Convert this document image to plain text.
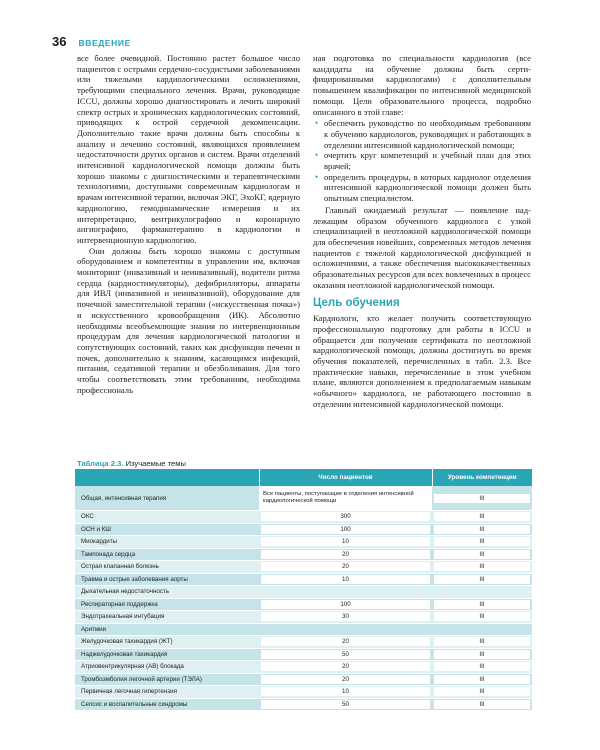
36 ВВЕДЕНИЕ

все более очевидной. Постоянно растет большое число пациентов с острыми сердечно-сосудистыми заболеваниями или тяжелыми кардиологическими осложнениями, требующими специального лечения. Врачи, руководящие ICCU, должны хорошо диагностировать и лечить широкий спектр острых и хронических кардиологических состояний, приводящих к острой сердечной декомпенсации. Дополнительно такие врачи должны быть способны к анализу и лечению состояний, являющихся проявлением недостаточности других органов и систем. Врачи отделений интенсивной кардиологической помощи должны быть хорошо знакомы с диагностическими и терапевтическими технологиями, доступными современным кардиологам и врачам интенсивной терапии, включая ЭКГ, ЭхоКГ, ядерную кардиологию, гемодинамические измерения и их интерпретацию, вентрикулографию и коронарную ангиографию, фармакотерапию в кардиологии и интервенционную кардиологию.

Они должны быть хорошо знакомы с доступным оборудованием и компетентны в управлении им, включая мониторинг (инвазивный и неинвазивный), водители ритма сердца (кардиостимуляторы), дефибрилляторы, аппараты для ИВЛ (инвазивной и неинвазивной), оборудование для почечной заместительной терапии («искусственная почка») и искусственного кровообращения (ИК). Абсолютно необходимы всеобъемлющие знания по интервенционным процедурам для лечения кардиологической патологии и сопутствующих состояний, таких как дисфункция печени и почек, дополнительно к знаниям, касающимся инфекций, питания, седативной терапии и обезболивания. Для того чтобы соответствовать этим требованиям, необходима профессиональ

ная подготовка по специальности кардиология (все кандидаты на обучение должны быть сертифицированными кардиологами) с дополнительным повышением квалификации по интенсивной медицинской помощи. Цели образовательного процесса, подробно описанного в этой главе:

• обеспечить руководство по необходимым требованиям к обучению кардиологов, руководящих и работающих в отделении интенсивной кардиологической помощи;
• очертить круг компетенций и учебный план для этих врачей;
• определить процедуры, в которых кардиолог отделения интенсивной кардиологической помощи должен быть опытным специалистом.

Главный ожидаемый результат — появление надлежащим образом обученного кардиолога с узкой специализацией в неотложной кардиологической помощи для обеспечения новейших, современных методов лечения пациентов с тяжелой кардиологической дисфункцией и осложнениями, а также обеспечения высококачественных образовательных ресурсов для всех вовлеченных в процесс оказания неотложной кардиологической помощи.

Цель обучения

Кардиологи, кто желает получить соответствующую профессиональную подготовку для работы в ICCU и обращается для получения сертификата по неотложной кардиологической помощи, должны достигнуть во время обучения показателей, перечисленных в табл. 2.3. Все практические навыки, перечисленные в этом учебном плане, являются дополнением к предполагаемым навыкам «обычного» кардиолога, не работающего постоянно в отделении интенсивной кардиологической помощи.

Таблица 2.3. Изучаемые темы
	Число пациентов	Уровень компетенции
Общая, интенсивная терапия	Все пациенты, поступающие в отделения интенсивной кардиологической помощи	III

ОКС	300	III

ОСН и КШ	100	III

Миокардиты	10	III

Тампонада сердца	20	III

Острая клапанная болезнь	20	III

Травма и острые заболевания аорты	10	III

Дыхательная недостаточность	

Респираторная поддержка	100	III

Эндотрахеальная интубация	30	III

Аритмии	

Желудочковая тахикардия (ЖТ)	20	III

Наджелудочковая тахикардия	50	III

Атриовентрикулярная (АВ) блокада	20	III

Тромбоэмболия легочной артерии (ТЭЛА)	20	III

Первичная легочная гипертензия	10	III

Сепсис и воспалительные синдромы	50	III
